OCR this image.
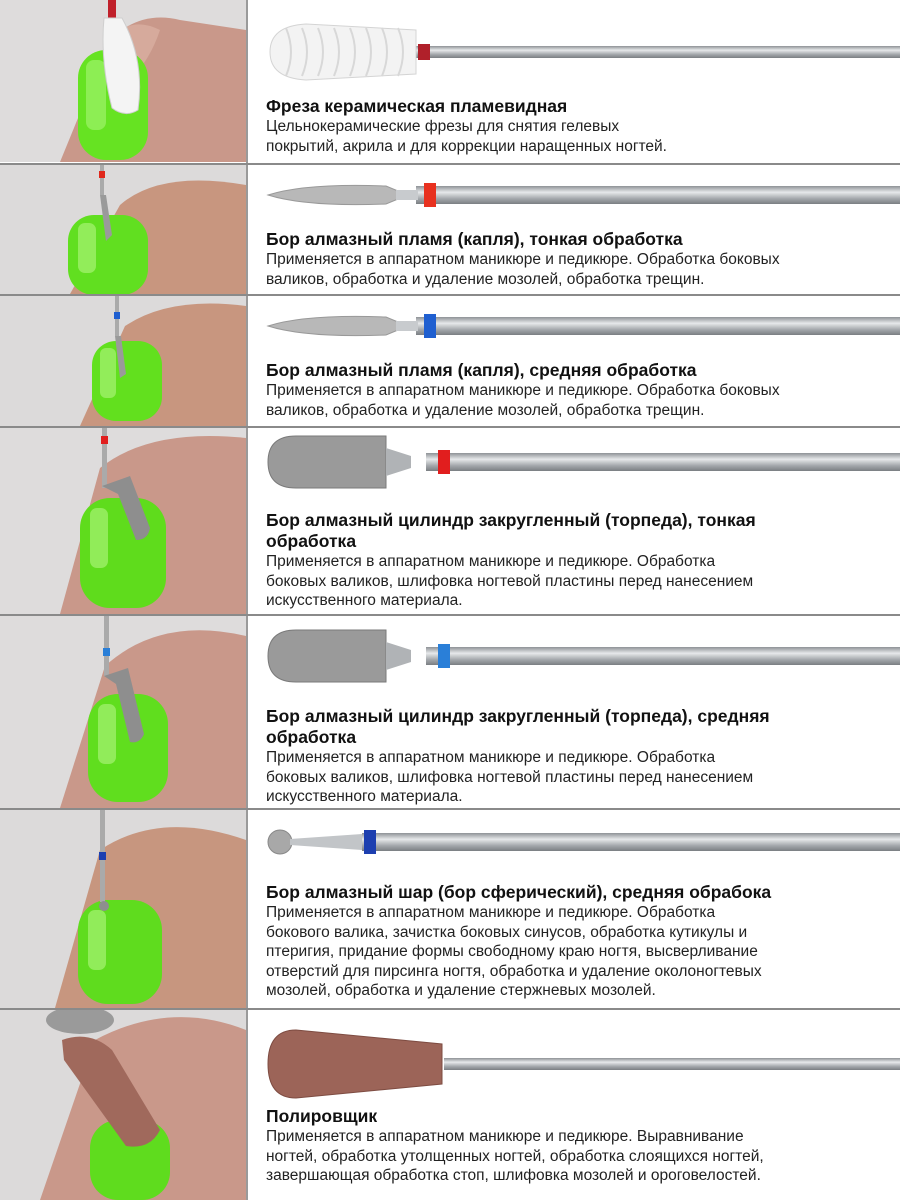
Фреза керамическая пламевидная

Цельнокерамические фрезы для снятия гелевых

покрытий, акрила и для коррекции наращенных ногтей.

Бор алмазный пламя (капля), тонкая обработка

Применяется в аппаратном маникюре и педикюре. Обработка боковых

валиков, обработка и удаление мозолей, обработка трещин.

Бор алмазный пламя (капля), средняя обработка

Применяется в аппаратном маникюре и педикюре. Обработка боковых

валиков, обработка и удаление мозолей, обработка трещин.

Бор алмазный цилиндр закругленный (торпеда), тонкая

обработка

Применяется в аппаратном маникюре и педикюре. Обработка

боковых валиков, шлифовка ногтевой пластины перед нанесением

искусственного материала.

Бор алмазный цилиндр закругленный (торпеда), средняя

обработка

Применяется в аппаратном маникюре и педикюре. Обработка

боковых валиков, шлифовка ногтевой пластины перед нанесением

искусственного материала.

Бор алмазный шар (бор сферический), средняя обрабока

Применяется в аппаратном маникюре и педикюре. Обработка

бокового валика, зачистка боковых синусов, обработка кутикулы и

птеригия, придание формы свободному краю ногтя, высверливание

отверстий для пирсинга ногтя, обработка и удаление околоногтевых

мозолей, обработка и удаление стержневых мозолей.

Полировщик

Применяется в аппаратном маникюре и педикюре. Выравнивание

ногтей, обработка утолщенных ногтей, обработка слоящихся ногтей,

завершающая обработка стоп, шлифовка мозолей и ороговелостей.
